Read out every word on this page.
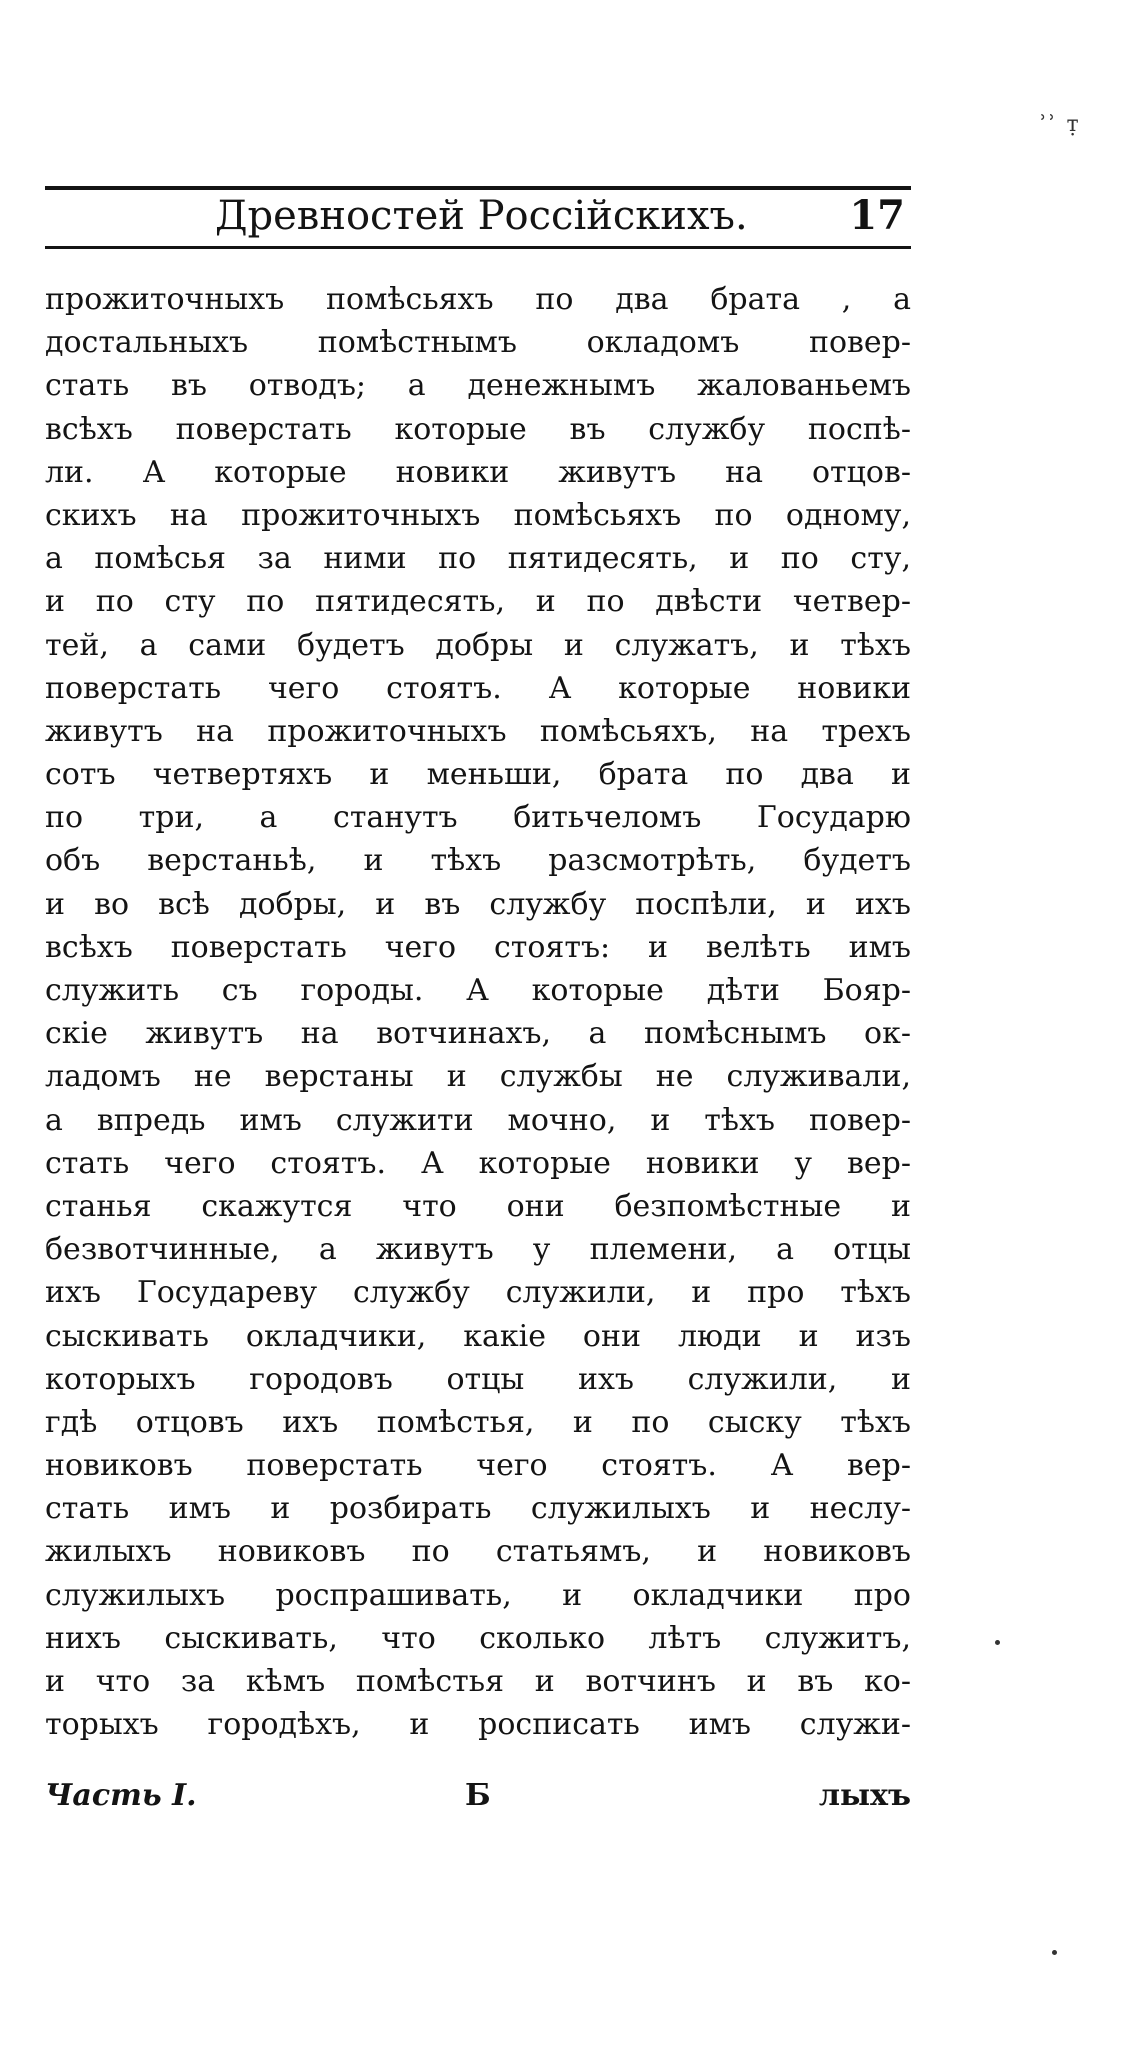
ʾʾ ᴛ̣
Древностей Россійскихъ.	17
прожиточныхъ помѣсьяхъ по два брата , а
достальныхъ помѣстнымъ окладомъ повер-
стать въ отводъ; а денежнымъ жалованьемъ
всѣхъ поверстать которые въ службу поспѣ-
ли. А которые новики живутъ на отцов-
скихъ на прожиточныхъ помѣсьяхъ по одному,
а помѣсья за ними по пятидесять, и по сту,
и по сту по пятидесять, и по двѣсти четвер-
тей, а сами будетъ добры и служатъ, и тѣхъ
поверстать чего стоятъ. А которые новики
живутъ на прожиточныхъ помѣсьяхъ, на трехъ
сотъ четвертяхъ и меньши, брата по два и
по три, а станутъ битьчеломъ Государю
объ верстаньѣ, и тѣхъ разсмотрѣть, будетъ
и во всѣ добры, и въ службу поспѣли, и ихъ
всѣхъ поверстать чего стоятъ: и велѣть имъ
служить съ городы. А которые дѣти Бояр-
скіе живутъ на вотчинахъ, а помѣснымъ ок-
ладомъ не верстаны и службы не служивали,
а впредь имъ служити мочно, и тѣхъ повер-
стать чего стоятъ. А которые новики у вер-
станья скажутся что они безпомѣстные и
безвотчинные, а живутъ у племени, а отцы
ихъ Государеву службу служили, и про тѣхъ
сыскивать окладчики, какіе они люди и изъ
которыхъ городовъ отцы ихъ служили, и
гдѣ отцовъ ихъ помѣстья, и по сыску тѣхъ
новиковъ поверстать чего стоятъ. А вер-
стать имъ и розбирать служилыхъ и неслу-
жилыхъ новиковъ по статьямъ, и новиковъ
служилыхъ роспрашивать, и окладчики про
нихъ сыскивать, что сколько лѣтъ служитъ,
и что за кѣмъ помѣстья и вотчинъ и въ ко-
торыхъ городѣхъ, и росписать имъ служи-
Часть I.	Б	лыхъ
